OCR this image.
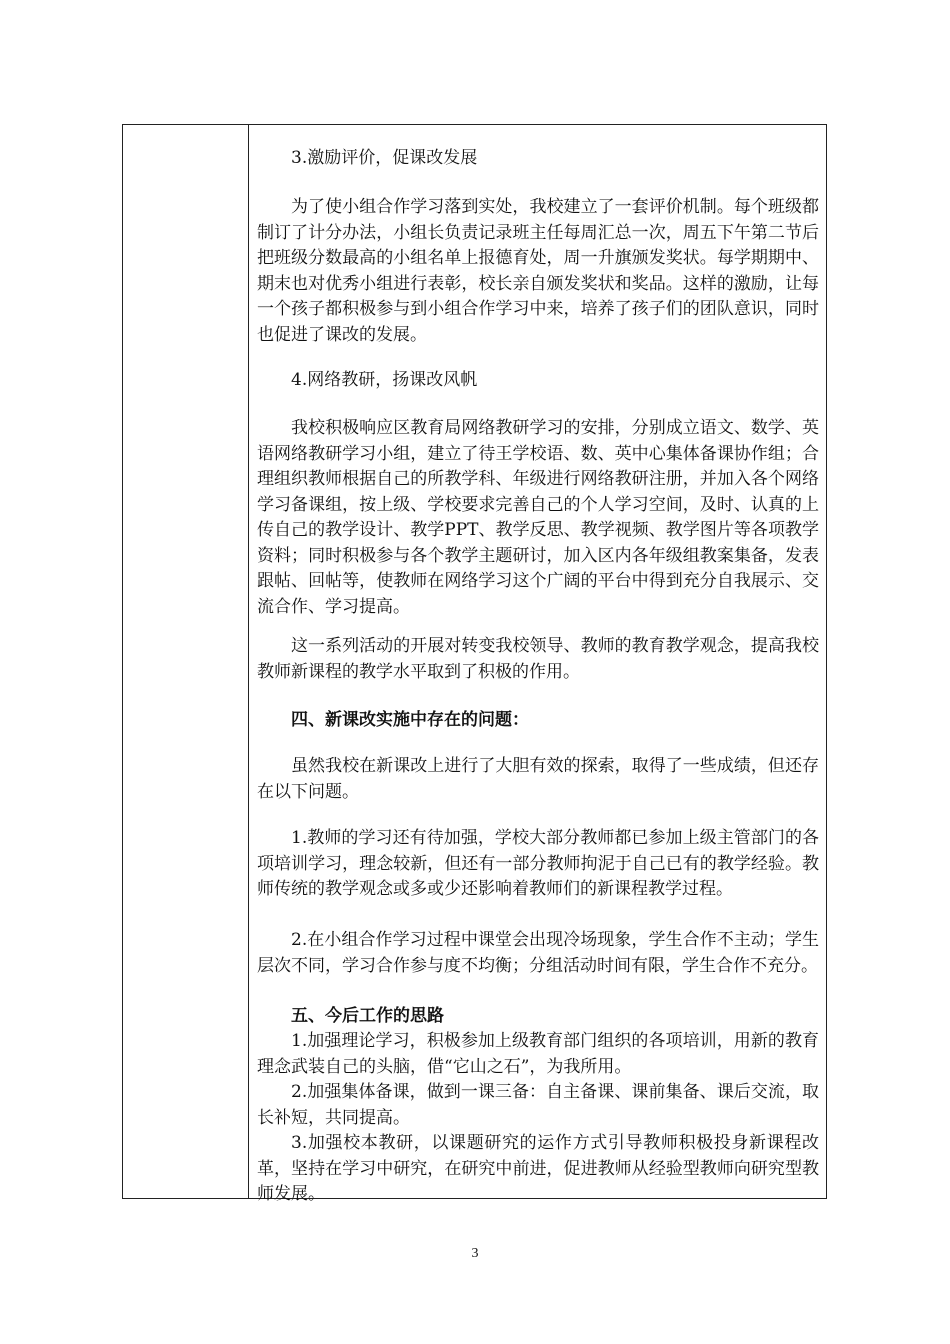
3.激励评价，促课改发展

为了使小组合作学习落到实处，我校建立了一套评价机制。每个班级都制订了计分办法，小组长负责记录班主任每周汇总一次，周五下午第二节后把班级分数最高的小组名单上报德育处，周一升旗颁发奖状。每学期期中、期末也对优秀小组进行表彰，校长亲自颁发奖状和奖品。这样的激励，让每一个孩子都积极参与到小组合作学习中来，培养了孩子们的团队意识，同时也促进了课改的发展。

4.网络教研，扬课改风帆

我校积极响应区教育局网络教研学习的安排，分别成立语文、数学、英语网络教研学习小组，建立了待王学校语、数、英中心集体备课协作组；合理组织教师根据自己的所教学科、年级进行网络教研注册，并加入各个网络学习备课组，按上级、学校要求完善自己的个人学习空间，及时、认真的上传自己的教学设计、教学PPT、教学反思、教学视频、教学图片等各项教学资料；同时积极参与各个教学主题研讨，加入区内各年级组教案集备，发表跟帖、回帖等，使教师在网络学习这个广阔的平台中得到充分自我展示、交流合作、学习提高。

这一系列活动的开展对转变我校领导、教师的教育教学观念，提高我校教师新课程的教学水平取到了积极的作用。

四、新课改实施中存在的问题：

虽然我校在新课改上进行了大胆有效的探索，取得了一些成绩，但还存在以下问题。

1.教师的学习还有待加强，学校大部分教师都已参加上级主管部门的各项培训学习，理念较新，但还有一部分教师拘泥于自己已有的教学经验。教师传统的教学观念或多或少还影响着教师们的新课程教学过程。

2.在小组合作学习过程中课堂会出现冷场现象，学生合作不主动；学生层次不同，学习合作参与度不均衡；分组活动时间有限，学生合作不充分。

五、今后工作的思路

1.加强理论学习，积极参加上级教育部门组织的各项培训，用新的教育理念武装自己的头脑，借“它山之石”，为我所用。

2.加强集体备课，做到一课三备：自主备课、课前集备、课后交流，取长补短，共同提高。

3.加强校本教研，以课题研究的运作方式引导教师积极投身新课程改革，坚持在学习中研究，在研究中前进，促进教师从经验型教师向研究型教师发展。

3
